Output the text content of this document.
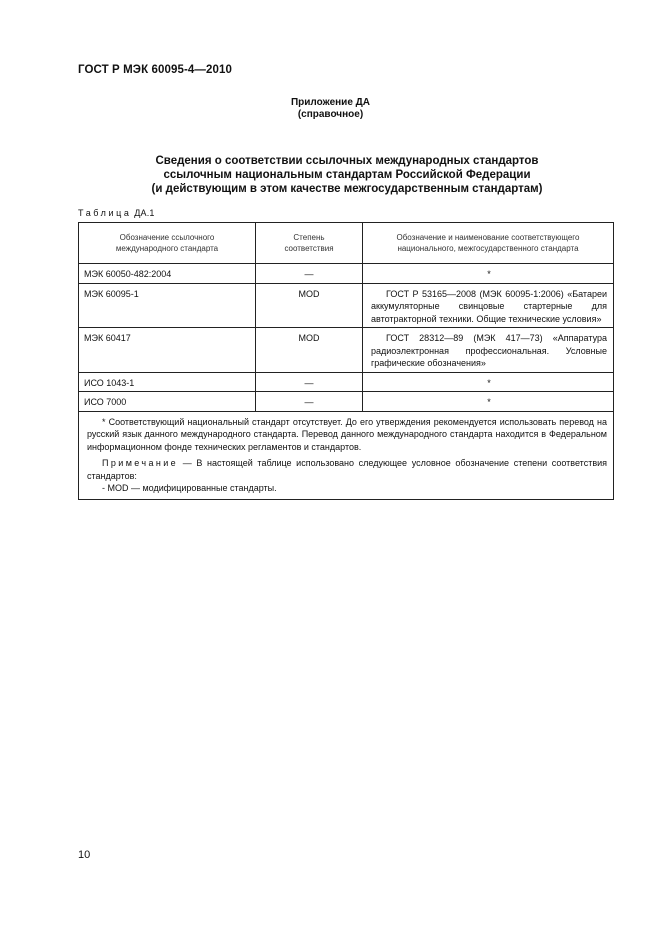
ГОСТ Р МЭК 60095-4—2010
Приложение ДА
(справочное)
Сведения о соответствии ссылочных международных стандартов
ссылочным национальным стандартам Российской Федерации
(и действующим в этом качестве межгосударственным стандартам)
Таблица ДА.1
Обозначение ссылочного международного стандарта	Степень соответствия	Обозначение и наименование соответствующего национального, межгосударственного стандарта
МЭК 60050-482:2004	—	*
МЭК 60095-1	MOD	ГОСТ Р 53165—2008 (МЭК 60095-1:2006) «Батареи аккумуляторные свинцовые стартерные для автотракторной техники. Общие технические условия»
МЭК 60417	MOD	ГОСТ 28312—89 (МЭК 417—73) «Аппаратура радиоэлектронная профессиональная. Условные графические обозначения»
ИСО 1043-1	—	*
ИСО 7000	—	*

* Соответствующий национальный стандарт отсутствует. До его утверждения рекомендуется использовать перевод на русский язык данного международного стандарта. Перевод данного международного стандарта находится в Федеральном информационном фонде технических регламентов и стандартов.

Примечание — В настоящей таблице использовано следующее условное обозначение степени соответствия стандартов:

- MOD — модифицированные стандарты.		

10
